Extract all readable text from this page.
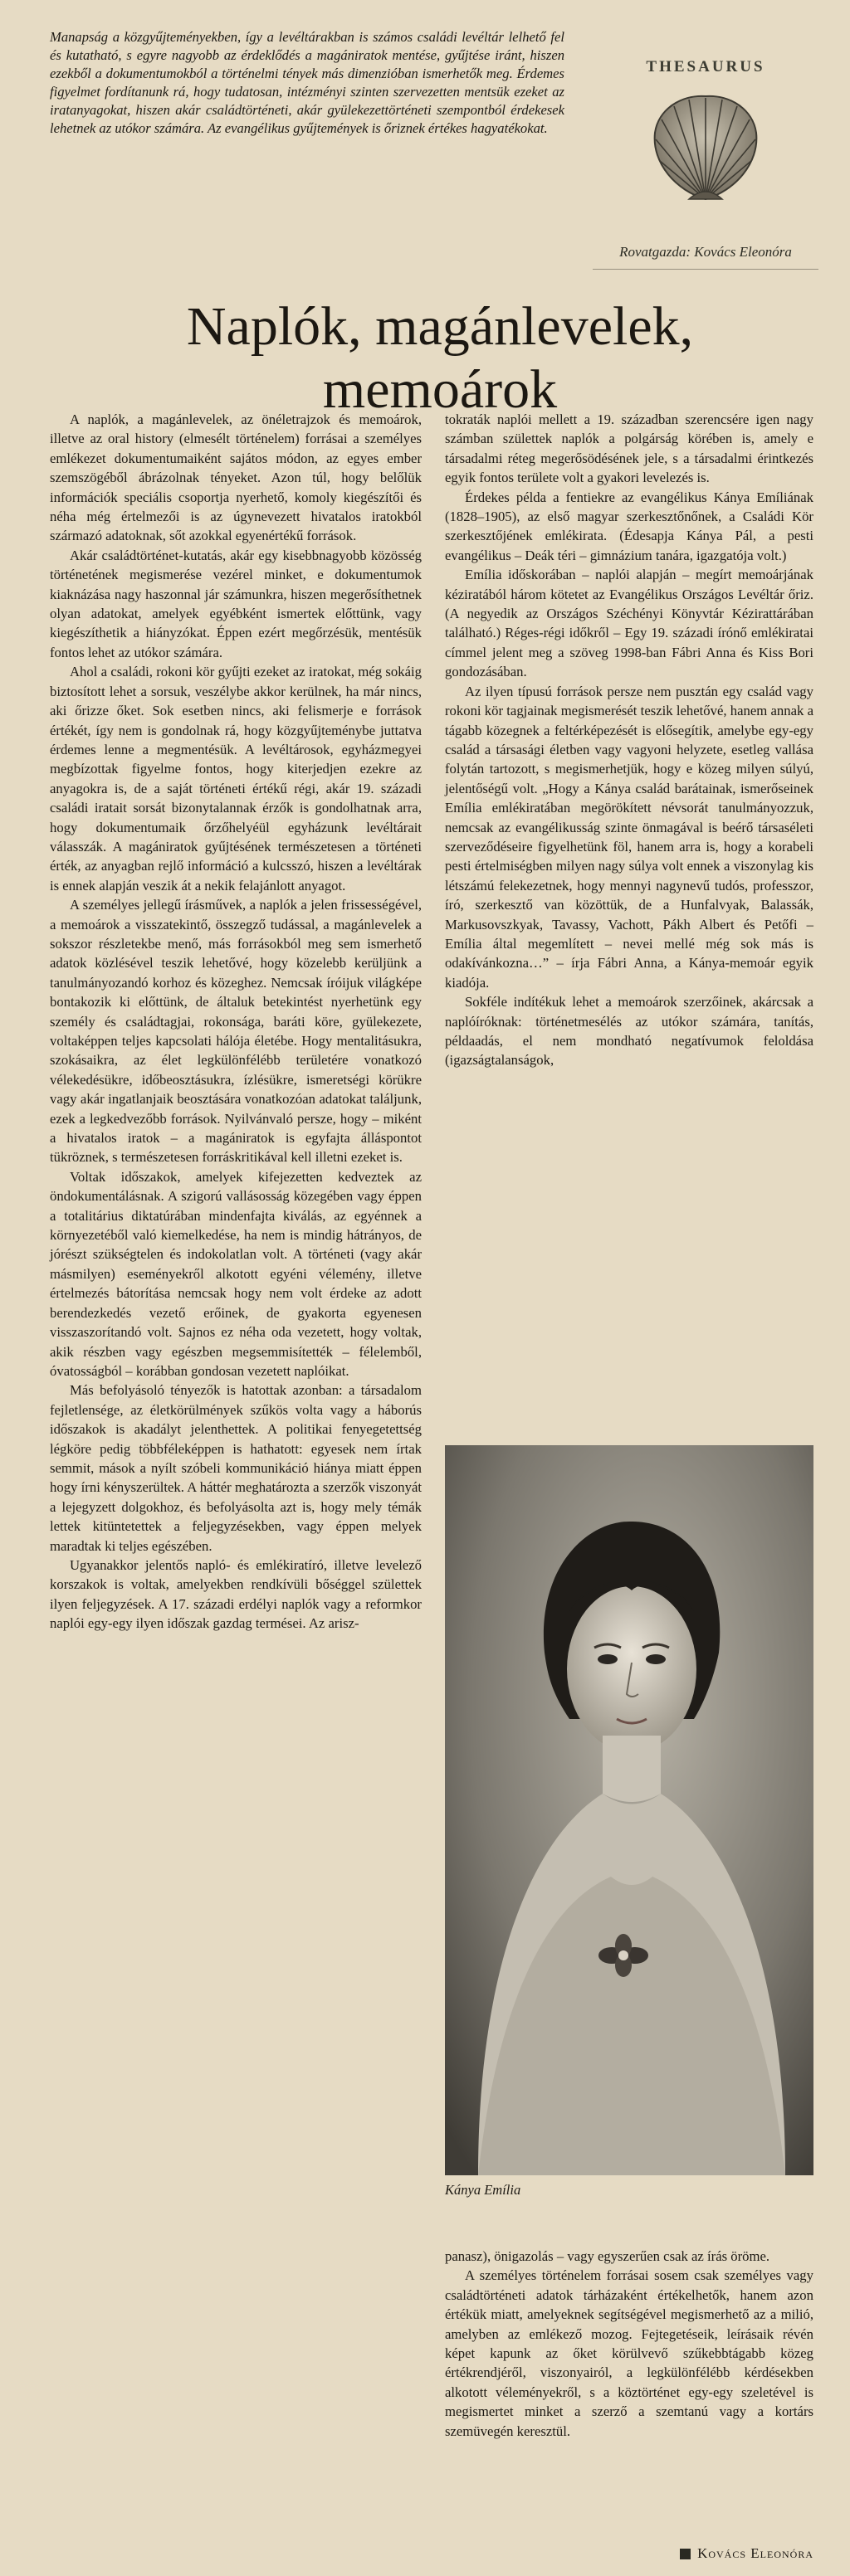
Manapság a közgyűjteményekben, így a levéltárakban is számos családi levéltár lelhető fel és kutatható, s egyre nagyobb az érdeklődés a magániratok mentése, gyűjtése iránt, hiszen ezekből a dokumentumokból a történelmi tények más dimenzióban ismerhetők meg. Érdemes figyelmet fordítanunk rá, hogy tudatosan, intézményi szinten szervezetten mentsük ezeket az iratanyagokat, hiszen akár családtörténeti, akár gyülekezettörténeti szempontból érdekesek lehetnek az utókor számára. Az evangélikus gyűjtemények is őriznek értékes hagyatékokat.

THESAURUS
Rovatgazda: Kovács Eleonóra
Naplók, magánlevelek,
memoárok

A naplók, a magánlevelek, az önéletrajzok és memoárok, illetve az oral history (elmesélt történelem) forrásai a személyes emlékezet dokumentumaiként sajátos módon, az egyes ember szemszögéből ábrázolnak tényeket. Azon túl, hogy belőlük információk speciális csoportja nyerhető, komoly kiegészítői és néha még értelmezői is az úgynevezett hivatalos iratokból származó adatoknak, sőt azokkal egyenértékű források.

Akár családtörténet-kutatás, akár egy kisebbnagyobb közösség történetének megismerése vezérel minket, e dokumentumok kiaknázása nagy haszonnal jár számunkra, hiszen megerősíthetnek olyan adatokat, amelyek egyébként ismertek előttünk, vagy kiegészíthetik a hiányzókat. Éppen ezért megőrzésük, mentésük fontos lehet az utókor számára.

Ahol a családi, rokoni kör gyűjti ezeket az iratokat, még sokáig biztosított lehet a sorsuk, veszélybe akkor kerülnek, ha már nincs, aki őrizze őket. Sok esetben nincs, aki felismerje e források értékét, így nem is gondolnak rá, hogy közgyűjteménybe juttatva érdemes lenne a megmentésük. A levéltárosok, egyházmegyei megbízottak figyelme fontos, hogy kiterjedjen ezekre az anyagokra is, de a saját történeti értékű régi, akár 19. századi családi iratait sorsát bizonytalannak érzők is gondolhatnak arra, hogy dokumentumaik őrzőhelyéül egyházunk levéltárait válasszák. A magániratok gyűjtésének természetesen a történeti érték, az anyagban rejlő információ a kulcsszó, hiszen a levéltárak is ennek alapján veszik át a nekik felajánlott anyagot.

A személyes jellegű írásművek, a naplók a jelen frissességével, a memoárok a visszatekintő, összegző tudással, a magánlevelek a sokszor részletekbe menő, más forrásokból meg sem ismerhető adatok közlésével teszik lehetővé, hogy közelebb kerüljünk a tanulmányozandó korhoz és közeghez. Nemcsak íróijuk világképe bontakozik ki előttünk, de általuk betekintést nyerhetünk egy személy és családtagjai, rokonsága, baráti köre, gyülekezete, voltaképpen teljes kapcsolati hálója életébe. Hogy mentalitásukra, szokásaikra, az élet legkülönfélébb területére vonatkozó vélekedésükre, időbeosztásukra, ízlésükre, ismeretségi körükre vagy akár ingatlanjaik beosztására vonatkozóan adatokat találjunk, ezek a legkedvezőbb források. Nyilvánvaló persze, hogy – miként a hivatalos iratok – a magániratok is egyfajta álláspontot tükröznek, s természetesen forráskritikával kell illetni ezeket is.

Voltak időszakok, amelyek kifejezetten kedveztek az öndokumentálásnak. A szigorú vallásosság közegében vagy éppen a totalitárius diktatúrában mindenfajta kiválás, az egyénnek a környezetéből való kiemelkedése, ha nem is mindig hátrányos, de jórészt szükségtelen és indokolatlan volt. A történeti (vagy akár másmilyen) eseményekről alkotott egyéni vélemény, illetve értelmezés bátorítása nemcsak hogy nem volt érdeke az adott berendezkedés vezető erőinek, de gyakorta egyenesen visszaszorítandó volt. Sajnos ez néha oda vezetett, hogy voltak, akik részben vagy egészben megsemmisítették – félelemből, óvatosságból – korábban gondosan vezetett naplóikat.

Más befolyásoló tényezők is hatottak azonban: a társadalom fejletlensége, az életkörülmények szűkös volta vagy a háborús időszakok is akadályt jelenthettek. A politikai fenyegetettség légköre pedig többféleképpen is hathatott: egyesek nem írtak semmit, mások a nyílt szóbeli kommunikáció hiánya miatt éppen hogy írni kényszerültek. A háttér meghatározta a szerzők viszonyát a lejegyzett dolgokhoz, és befolyásolta azt is, hogy mely témák lettek kitüntetettek a feljegyzésekben, vagy éppen melyek maradtak ki teljes egészében.

Ugyanakkor jelentős napló- és emlékiratíró, illetve levelező korszakok is voltak, amelyekben rendkívüli bőséggel születtek ilyen feljegyzések. A 17. századi erdélyi naplók vagy a reformkor naplói egy-egy ilyen időszak gazdag termései. Az arisz-

tokraták naplói mellett a 19. században szerencsére igen nagy számban születtek naplók a polgárság körében is, amely e társadalmi réteg megerősödésének jele, s a társadalmi érintkezés egyik fontos területe volt a gyakori levelezés is.

Érdekes példa a fentiekre az evangélikus Kánya Emíliának (1828–1905), az első magyar szerkesztőnőnek, a Családi Kör szerkesztőjének emlékirata. (Édesapja Kánya Pál, a pesti evangélikus – Deák téri – gimnázium tanára, igazgatója volt.)

Emília időskorában – naplói alapján – megírt memoárjának kéziratából három kötetet az Evangélikus Országos Levéltár őriz. (A negyedik az Országos Széchényi Könyvtár Kézirattárában található.) Réges-régi időkről – Egy 19. századi írónő emlékiratai címmel jelent meg a szöveg 1998-ban Fábri Anna és Kiss Bori gondozásában.

Az ilyen típusú források persze nem pusztán egy család vagy rokoni kör tagjainak megismerését teszik lehetővé, hanem annak a tágabb közegnek a feltérképezését is elősegítik, amelybe egy-egy család a társasági életben vagy vagyoni helyzete, esetleg vallása folytán tartozott, s megismerhetjük, hogy e közeg milyen súlyú, jelentőségű volt. „Hogy a Kánya család barátainak, ismerőseinek Emília emlékiratában megörökített névsorát tanulmányozzuk, nemcsak az evangélikusság szinte önmagával is beérő társaséleti szerveződéseire figyelhetünk föl, hanem arra is, hogy a korabeli pesti értelmiségben milyen nagy súlya volt ennek a viszonylag kis létszámú felekezetnek, hogy mennyi nagynevű tudós, professzor, író, szerkesztő van közöttük, de a Hunfalvyak, Balassák, Markusovszkyak, Tavassy, Vachott, Pákh Albert és Petőfi – Emília által megemlített – nevei mellé még sok más is odakívánkozna…” – írja Fábri Anna, a Kánya-memoár egyik kiadója.

Sokféle indítékuk lehet a memoárok szerzőinek, akárcsak a naplóíróknak: történetmesélés az utókor számára, tanítás, példaadás, el nem mondható negatívumok feloldása (igazságtalanságok,

Kánya Emília

panasz), önigazolás – vagy egyszerűen csak az írás öröme.

A személyes történelem forrásai sosem csak személyes vagy családtörténeti adatok tárházaként értékelhetők, hanem azon értékük miatt, amelyeknek segítségével megismerhető az a milió, amelyben az emlékező mozog. Fejtegetéseik, leírásaik révén képet kapunk az őket körülvevő szűkebbtágabb közeg értékrendjéről, viszonyairól, a legkülönfélébb kérdésekben alkotott véleményekről, s a köztörténet egy-egy szeletével is megismertet minket a szerző a szemtanú vagy a kortárs szemüvegén keresztül.

Kovács Eleonóra
